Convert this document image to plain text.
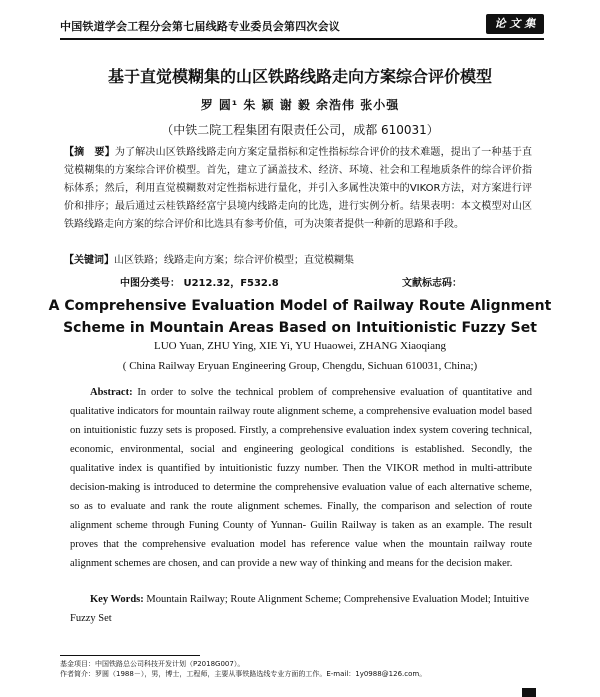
中国铁道学会工程分会第七届线路专业委员会第四次会议	论 文 集
基于直觉模糊集的山区铁路线路走向方案综合评价模型
罗 圆¹ 朱 颖 谢 毅 余浩伟 张小强
（中铁二院工程集团有限责任公司，成都 610031）
【摘　要】为了解决山区铁路线路走向方案定量指标和定性指标综合评价的技术难题，提出了一种基于直觉模糊集的方案综合评价模型。首先，建立了涵盖技术、经济、环境、社会和工程地质条件的综合评价指标体系；然后，利用直觉模糊数对定性指标进行量化，并引入多属性决策中的VIKOR方法，对方案进行评价和排序；最后通过云桂铁路经富宁县境内线路走向的比选，进行实例分析。结果表明：本文模型对山区铁路线路走向方案的综合评价和比选具有参考价值，可为决策者提供一种新的思路和手段。
【关键词】山区铁路；线路走向方案；综合评价模型；直觉模糊集
中图分类号： U212.32，F532.8	文献标志码：
A Comprehensive Evaluation Model of Railway Route Alignment
Scheme in Mountain Areas Based on Intuitionistic Fuzzy Set
LUO Yuan, ZHU Ying, XIE Yi, YU Huaowei, ZHANG Xiaoqiang
( China Railway Eryuan Engineering Group, Chengdu, Sichuan 610031, China;)
Abstract: In order to solve the technical problem of comprehensive evaluation of quantitative and qualitative indicators for mountain railway route alignment scheme, a comprehensive evaluation model based on intuitionistic fuzzy sets is proposed. Firstly, a comprehensive evaluation index system covering technical, economic, environmental, social and engineering geological conditions is established. Secondly, the qualitative index is quantified by intuitionistic fuzzy number. Then the VIKOR method in multi-attribute decision-making is introduced to determine the comprehensive evaluation value of each alternative scheme, so as to evaluate and rank the route alignment schemes. Finally, the comparison and selection of route alignment scheme through Funing County of Yunnan- Guilin Railway is taken as an example. The result proves that the comprehensive evaluation model has reference value when the mountain railway route alignment schemes are chosen, and can provide a new way of thinking and means for the decision maker.
Key Words: Mountain Railway; Route Alignment Scheme; Comprehensive Evaluation Model; Intuitive Fuzzy Set
基金项目：中国铁路总公司科技开发计划（P2018G007）。
作者简介：罗圆（1988－），男，博士，工程师，主要从事铁路选线专业方面的工作。E-mail：1y0988@126.com。
